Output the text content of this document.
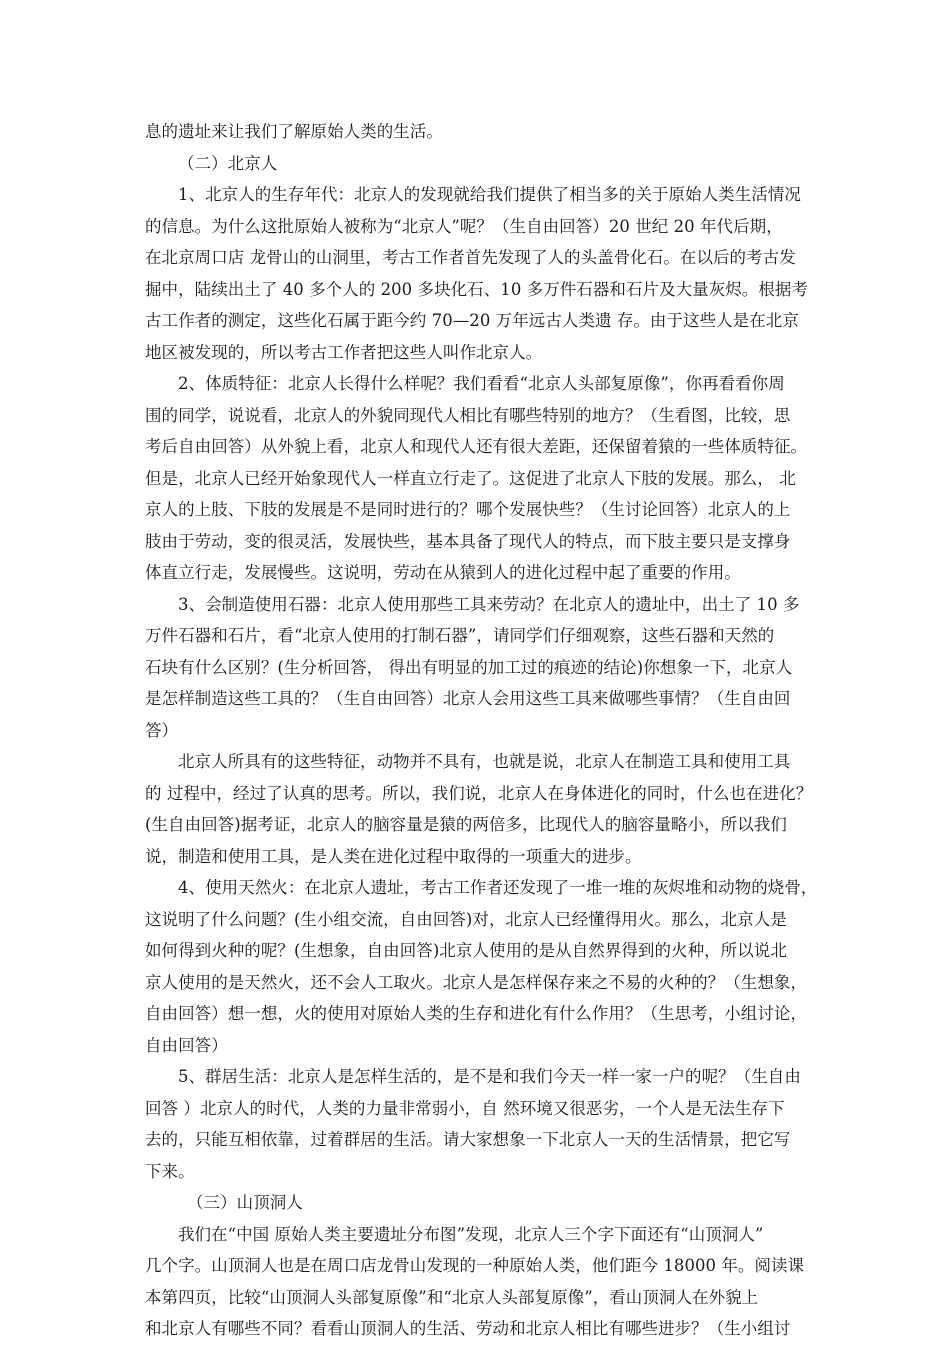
息的遗址来让我们了解原始人类的生活。
（二）北京人
1、北京人的生存年代：北京人的发现就给我们提供了相当多的关于原始人类生活情况
的信息。为什么这批原始人被称为“北京人”呢？（生自由回答）20 世纪 20 年代后期，
在北京周口店 龙骨山的山洞里，考古工作者首先发现了人的头盖骨化石。在以后的考古发
掘中，陆续出土了 40 多个人的 200 多块化石、10 多万件石器和石片及大量灰烬。根据考
古工作者的测定，这些化石属于距今约 70—20 万年远古人类遗 存。由于这些人是在北京
地区被发现的，所以考古工作者把这些人叫作北京人。
2、体质特征：北京人长得什么样呢？我们看看“北京人头部复原像”，你再看看你周
围的同学，说说看，北京人的外貌同现代人相比有哪些特别的地方？（生看图，比较，思
考后自由回答）从外貌上看，北京人和现代人还有很大差距，还保留着猿的一些体质特征。
但是，北京人已经开始象现代人一样直立行走了。这促进了北京人下肢的发展。那么， 北
京人的上肢、下肢的发展是不是同时进行的？哪个发展快些？（生讨论回答）北京人的上
肢由于劳动，变的很灵活，发展快些，基本具备了现代人的特点，而下肢主要只是支撑身
体直立行走，发展慢些。这说明，劳动在从猿到人的进化过程中起了重要的作用。
3、会制造使用石器：北京人使用那些工具来劳动？在北京人的遗址中，出土了 10 多
万件石器和石片，看“北京人使用的打制石器”，请同学们仔细观察，这些石器和天然的
石块有什么区别？(生分析回答， 得出有明显的加工过的痕迹的结论)你想象一下，北京人
是怎样制造这些工具的？（生自由回答）北京人会用这些工具来做哪些事情？（生自由回
答）
北京人所具有的这些特征，动物并不具有，也就是说，北京人在制造工具和使用工具
的 过程中，经过了认真的思考。所以，我们说，北京人在身体进化的同时，什么也在进化？
(生自由回答)据考证，北京人的脑容量是猿的两倍多，比现代人的脑容量略小，所以我们
说，制造和使用工具，是人类在进化过程中取得的一项重大的进步。
4、使用天然火：在北京人遗址，考古工作者还发现了一堆一堆的灰烬堆和动物的烧骨，
这说明了什么问题？(生小组交流，自由回答)对，北京人已经懂得用火。那么，北京人是
如何得到火种的呢？(生想象，自由回答)北京人使用的是从自然界得到的火种，所以说北
京人使用的是天然火，还不会人工取火。北京人是怎样保存来之不易的火种的？（生想象，
自由回答）想一想，火的使用对原始人类的生存和进化有什么作用？（生思考，小组讨论，
自由回答）
5、群居生活：北京人是怎样生活的，是不是和我们今天一样一家一户的呢？（生自由
回答 ）北京人的时代，人类的力量非常弱小，自 然环境又很恶劣，一个人是无法生存下
去的，只能互相依靠，过着群居的生活。请大家想象一下北京人一天的生活情景，把它写
下来。
（三）山顶洞人
我们在“中国 原始人类主要遗址分布图”发现，北京人三个字下面还有“山顶洞人”
几个字。山顶洞人也是在周口店龙骨山发现的一种原始人类，他们距今 18000 年。阅读课
本第四页，比较“山顶洞人头部复原像”和“北京人头部复原像”，看山顶洞人在外貌上
和北京人有哪些不同？看看山顶洞人的生活、劳动和北京人相比有哪些进步？（生小组讨
